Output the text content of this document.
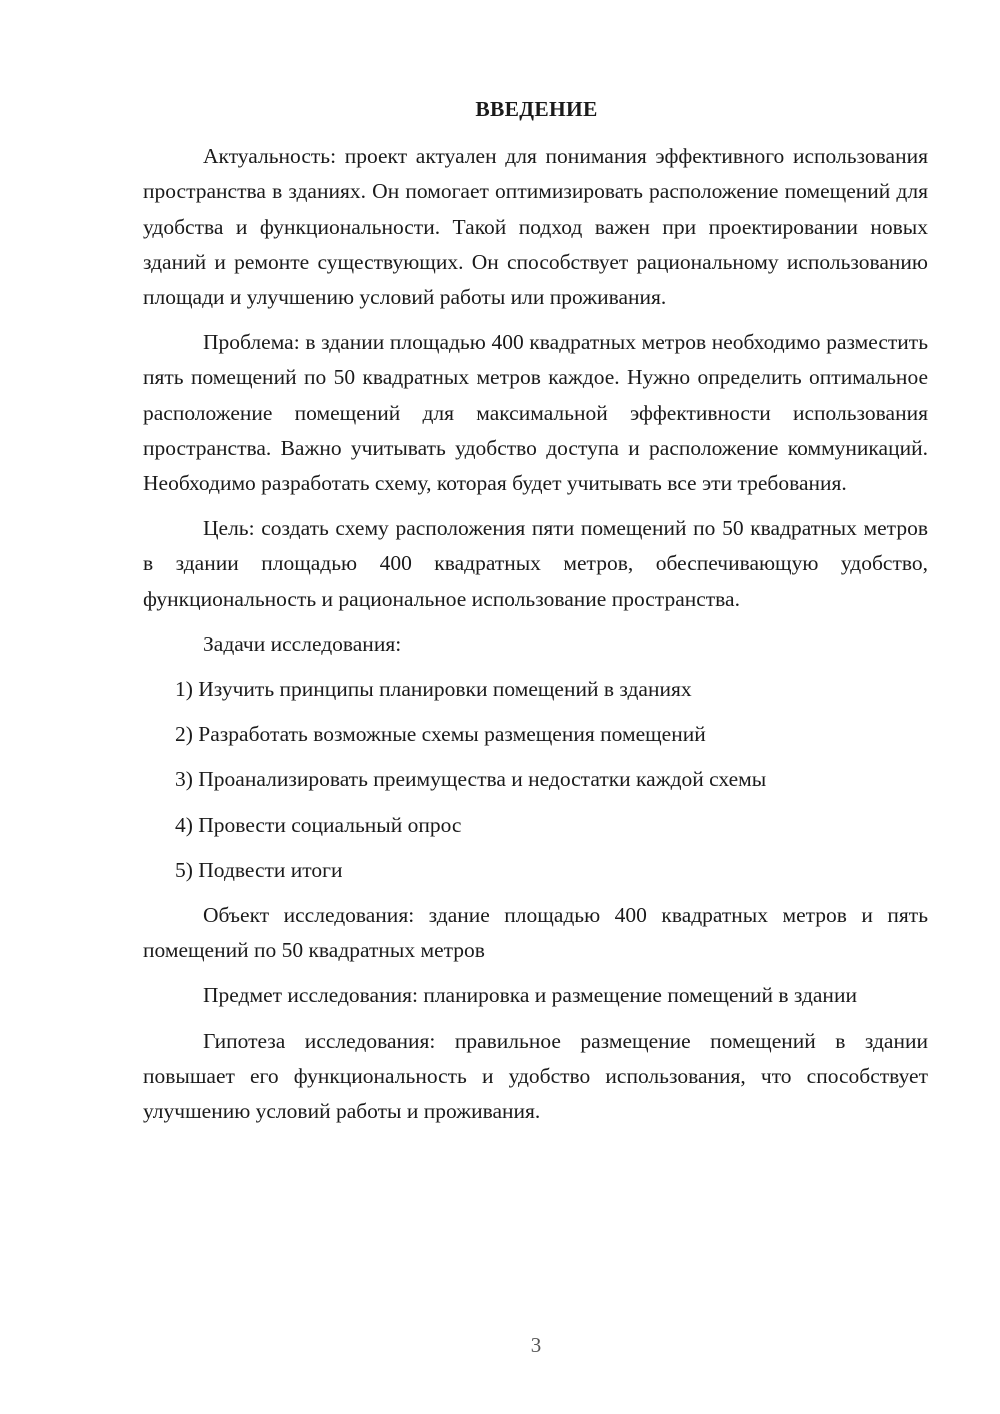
ВВЕДЕНИЕ

Актуальность: проект актуален для понимания эффективного использования пространства в зданиях. Он помогает оптимизировать расположение помещений для удобства и функциональности. Такой подход важен при проектировании новых зданий и ремонте существующих. Он способствует рациональному использованию площади и улучшению условий работы или проживания.

Проблема: в здании площадью 400 квадратных метров необходимо разместить пять помещений по 50 квадратных метров каждое. Нужно определить оптимальное расположение помещений для максимальной эффективности использования пространства. Важно учитывать удобство доступа и расположение коммуникаций. Необходимо разработать схему, которая будет учитывать все эти требования.

Цель: создать схему расположения пяти помещений по 50 квадратных метров в здании площадью 400 квадратных метров, обеспечивающую удобство, функциональность и рациональное использование пространства.

Задачи исследования:

1) Изучить принципы планировки помещений в зданиях
2) Разработать возможные схемы размещения помещений
3) Проанализировать преимущества и недостатки каждой схемы
4) Провести социальный опрос
5) Подвести итоги

Объект исследования: здание площадью 400 квадратных метров и пять помещений по 50 квадратных метров

Предмет исследования: планировка и размещение помещений в здании

Гипотеза исследования: правильное размещение помещений в здании повышает его функциональность и удобство использования, что способствует улучшению условий работы и проживания.

3
